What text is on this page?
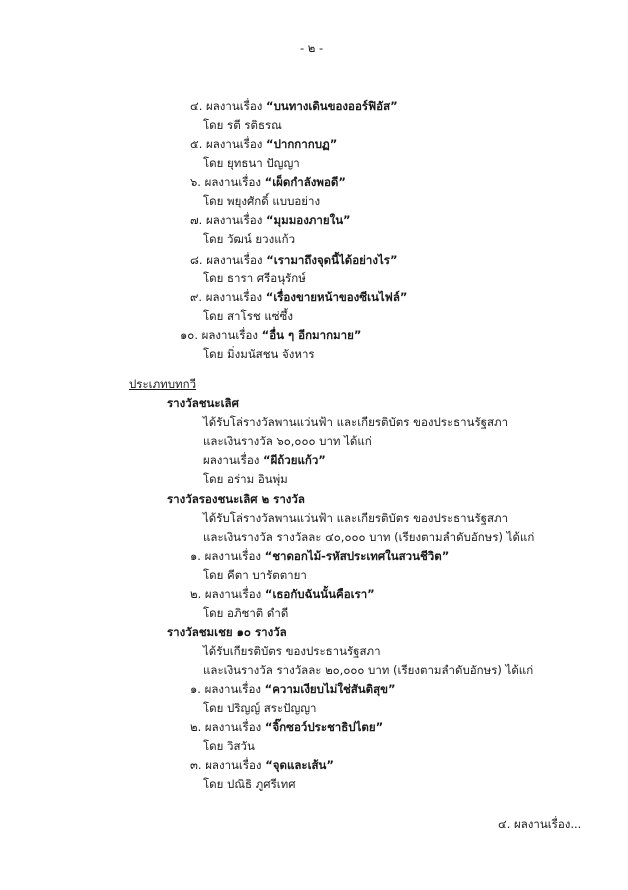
- ๒ -
๔. ผลงานเรื่อง “บนทางเดินของออร์ฟิอัส”
โดย รตี รติธรณ
๕. ผลงานเรื่อง “ปากกากบฏ”
โดย ยุทธนา ปัญญา
๖. ผลงานเรื่อง “เผ็ดกำลังพอดี”
โดย พยุงศักดิ์ แบบอย่าง
๗. ผลงานเรื่อง “มุมมองภายใน”
โดย วัฒน์ ยวงแก้ว
๘. ผลงานเรื่อง “เรามาถึงจุดนี้ได้อย่างไร”
โดย ธารา ศรีอนุรักษ์
๙. ผลงานเรื่อง “เรื่องขายหน้าของซีเนไฟล์”
โดย สาโรช แซ่ซึ้ง
๑๐. ผลงานเรื่อง “อื่น ๆ อีกมากมาย”
โดย มิ่งมนัสชน จังหาร
ประเภทบทกวี
รางวัลชนะเลิศ
ได้รับโล่รางวัลพานแว่นฟ้า และเกียรติบัตร ของประธานรัฐสภา
และเงินรางวัล ๖๐,๐๐๐ บาท ได้แก่
ผลงานเรื่อง “ผีถ้วยแก้ว”
โดย อร่าม อินพุ่ม
รางวัลรองชนะเลิศ ๒ รางวัล
ได้รับโล่รางวัลพานแว่นฟ้า และเกียรติบัตร ของประธานรัฐสภา
และเงินรางวัล รางวัลละ ๔๐,๐๐๐ บาท (เรียงตามลำดับอักษร) ได้แก่
๑. ผลงานเรื่อง “ชาดอกไม้-รหัสประเทศในสวนชีวิต”
โดย คีตา บารัตตายา
๒. ผลงานเรื่อง “เธอกับฉันนั้นคือเรา”
โดย อภิชาติ ดำดี
รางวัลชมเชย ๑๐ รางวัล
ได้รับเกียรติบัตร ของประธานรัฐสภา
และเงินรางวัล รางวัลละ ๒๐,๐๐๐ บาท (เรียงตามลำดับอักษร) ได้แก่
๑. ผลงานเรื่อง “ความเงียบไม่ใช่สันติสุข”
โดย ปริญญ์ สระปัญญา
๒. ผลงานเรื่อง “จิ๊กซอว์ประชาธิปไตย”
โดย วิสวัน
๓. ผลงานเรื่อง “จุดและเส้น”
โดย ปณิธิ ภูศรีเทศ
๔. ผลงานเรื่อง...
